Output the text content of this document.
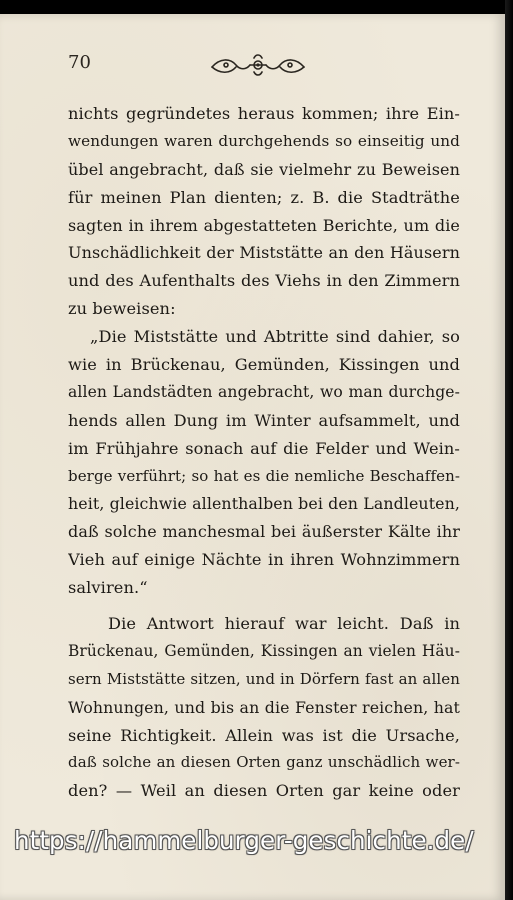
70
nichts gegründetes heraus kommen; ihre Ein-
wendungen waren durchgehends so einseitig und
übel angebracht, daß sie vielmehr zu Beweisen
für meinen Plan dienten; z. B. die Stadträthe
sagten in ihrem abgestatteten Berichte, um die
Unschädlichkeit der Miststätte an den Häusern
und des Aufenthalts des Viehs in den Zimmern
zu beweisen:
„Die Miststätte und Abtritte sind dahier, so
wie in Brückenau, Gemünden, Kissingen und
allen Landstädten angebracht, wo man durchge-
hends allen Dung im Winter aufsammelt, und
im Frühjahre sonach auf die Felder und Wein-
berge verführt; so hat es die nemliche Beschaffen-
heit, gleichwie allenthalben bei den Landleuten,
daß solche manchesmal bei äußerster Kälte ihr
Vieh auf einige Nächte in ihren Wohnzimmern
salviren.“
Die Antwort hierauf war leicht. Daß in
Brückenau, Gemünden, Kissingen an vielen Häu-
sern Miststätte sitzen, und in Dörfern fast an allen
Wohnungen, und bis an die Fenster reichen, hat
seine Richtigkeit. Allein was ist die Ursache,
daß solche an diesen Orten ganz unschädlich wer-
den? — Weil an diesen Orten gar keine oder
https://hammelburger-geschichte.de/
